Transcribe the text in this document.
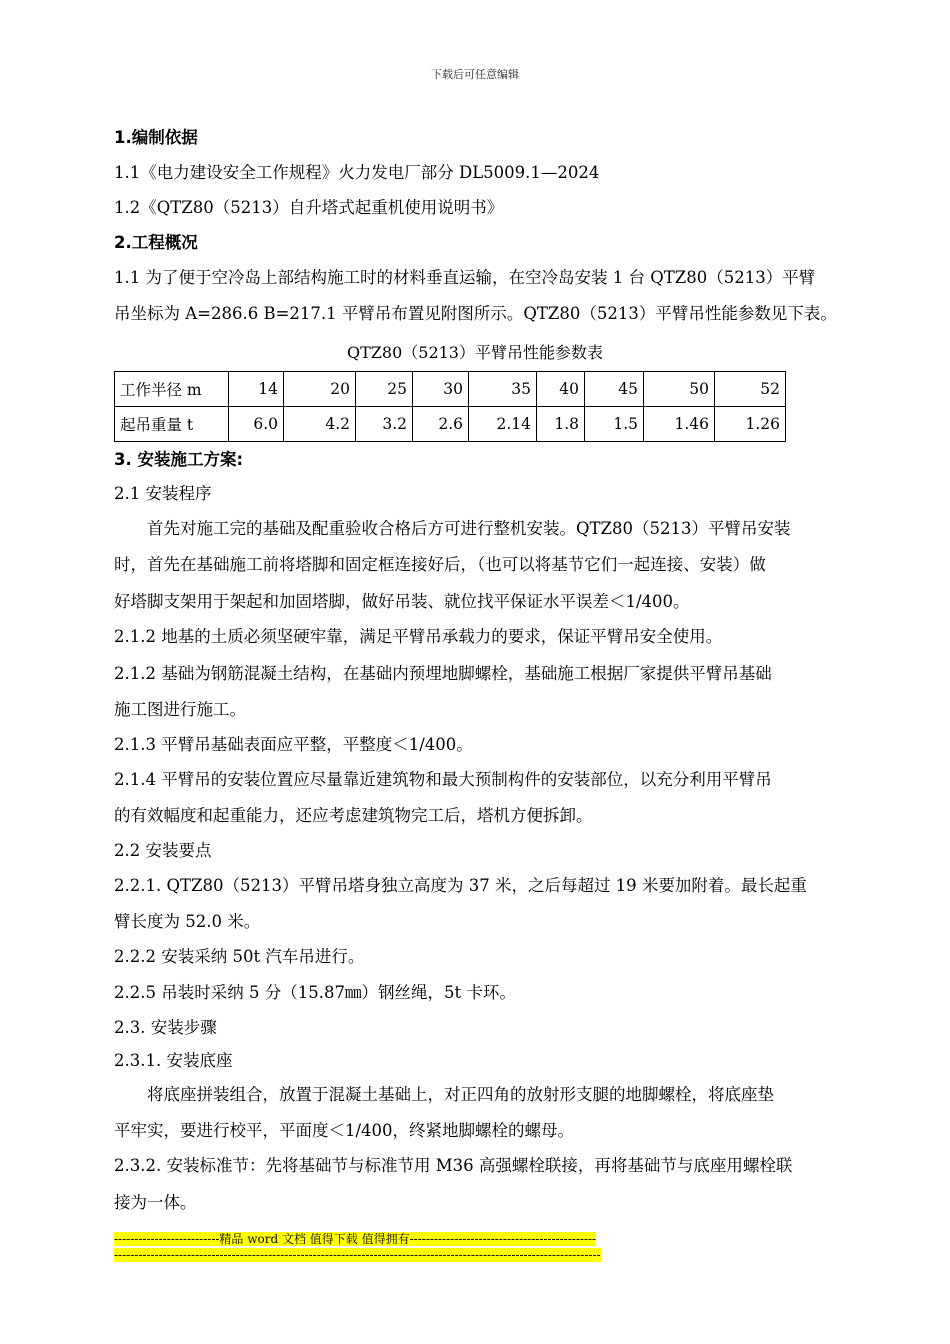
下载后可任意编辑
1.编制依据
1.1《电力建设安全工作规程》火力发电厂部分 DL5009.1—2024
1.2《QTZ80（5213）自升塔式起重机使用说明书》
2.工程概况
1.1 为了便于空冷岛上部结构施工时的材料垂直运输，在空冷岛安装 1 台 QTZ80（5213）平臂
吊坐标为 A=286.6 B=217.1 平臂吊布置见附图所示。QTZ80（5213）平臂吊性能参数见下表。
QTZ80（5213）平臂吊性能参数表
工作半径 m	14	20	25	30	35	40	45	50	52
起吊重量 t	6.0	4.2	3.2	2.6	2.14	1.8	1.5	1.46	1.26
3. 安装施工方案:
2.1 安装程序
首先对施工完的基础及配重验收合格后方可进行整机安装。QTZ80（5213）平臂吊安装
时，首先在基础施工前将塔脚和固定框连接好后，（也可以将基节它们一起连接、安装）做
好塔脚支架用于架起和加固塔脚，做好吊装、就位找平保证水平误差＜1/400。
2.1.2 地基的土质必须坚硬牢靠，满足平臂吊承载力的要求，保证平臂吊安全使用。
2.1.2 基础为钢筋混凝土结构，在基础内预埋地脚螺栓，基础施工根据厂家提供平臂吊基础
施工图进行施工。
2.1.3 平臂吊基础表面应平整，平整度＜1/400。
2.1.4 平臂吊的安装位置应尽量靠近建筑物和最大预制构件的安装部位，以充分利用平臂吊
的有效幅度和起重能力，还应考虑建筑物完工后，塔机方便拆卸。
2.2 安装要点
2.2.1. QTZ80（5213）平臂吊塔身独立高度为 37 米，之后每超过 19 米要加附着。最长起重
臂长度为 52.0 米。
2.2.2 安装采纳 50t 汽车吊进行。
2.2.5 吊装时采纳 5 分（15.87㎜）钢丝绳，5t 卡环。
2.3. 安装步骤
2.3.1. 安装底座
将底座拼装组合，放置于混凝土基础上，对正四角的放射形支腿的地脚螺栓，将底座垫
平牢实，要进行校平，平面度＜1/400，终紧地脚螺栓的螺母。
2.3.2. 安装标准节：先将基础节与标准节用 M36 高强螺栓联接，再将基础节与底座用螺栓联
接为一体。
--------------------------精品 word 文档 值得下载 值得拥有----------------------------------------------
------------------------------------------------------------------------------------------------------------------------
